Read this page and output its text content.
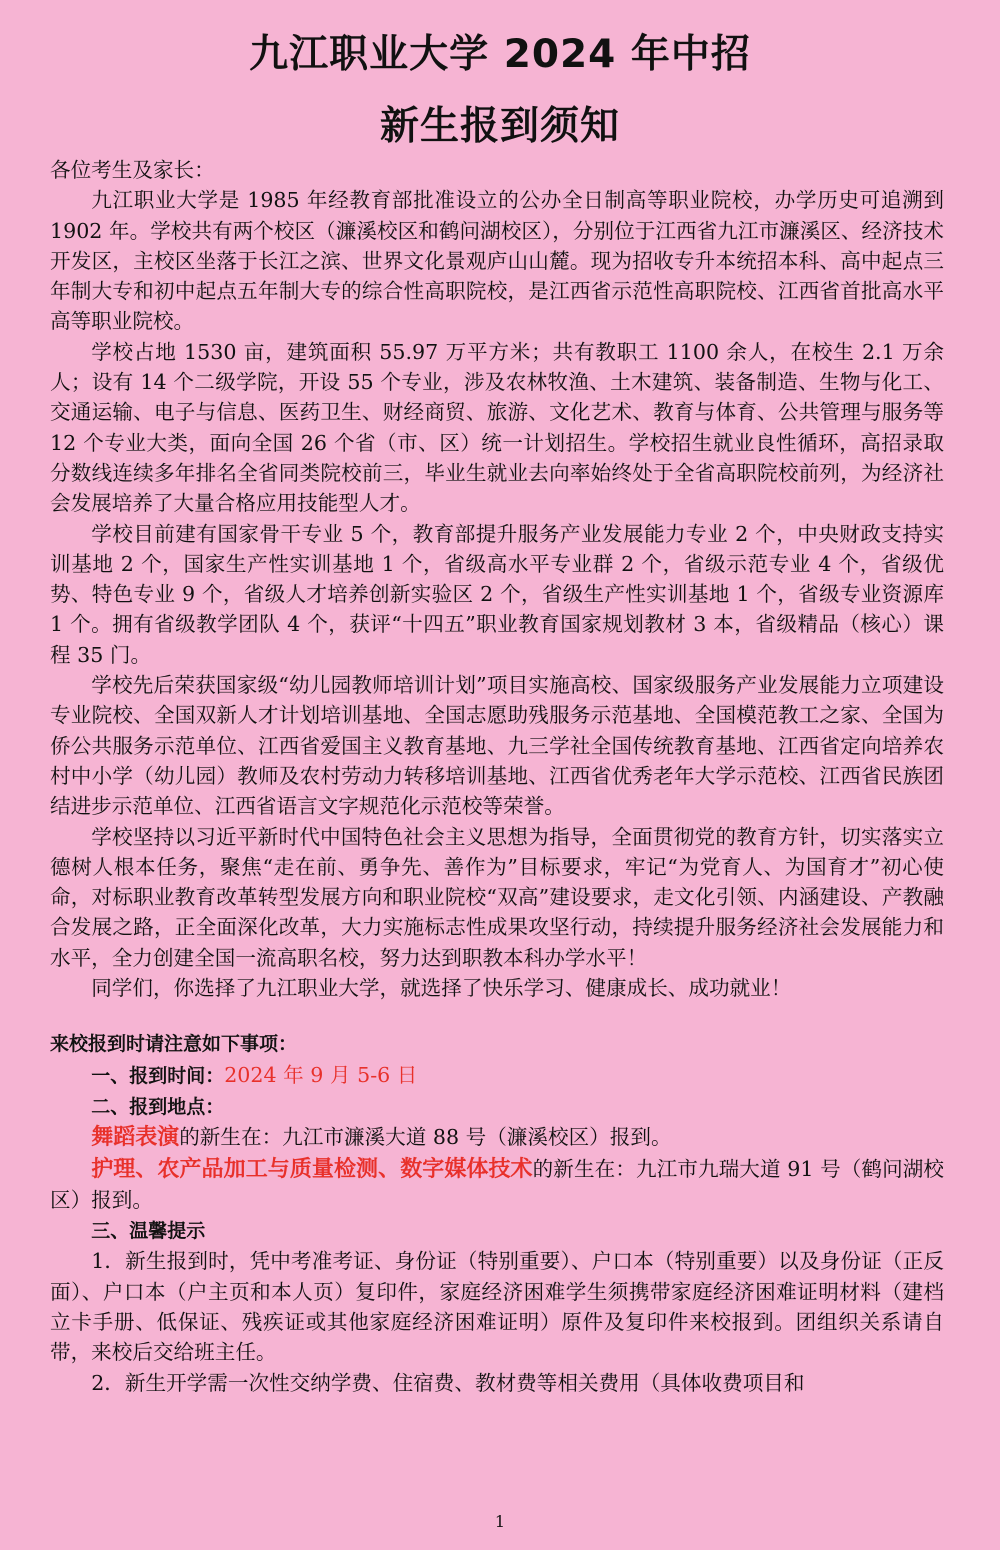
九江职业大学 2024 年中招
新生报到须知

各位考生及家长：

九江职业大学是 1985 年经教育部批准设立的公办全日制高等职业院校，办学历史可追溯到 1902 年。学校共有两个校区（濂溪校区和鹤问湖校区），分别位于江西省九江市濂溪区、经济技术开发区，主校区坐落于长江之滨、世界文化景观庐山山麓。现为招收专升本统招本科、高中起点三年制大专和初中起点五年制大专的综合性高职院校，是江西省示范性高职院校、江西省首批高水平高等职业院校。

学校占地 1530 亩，建筑面积 55.97 万平方米；共有教职工 1100 余人，在校生 2.1 万余人；设有 14 个二级学院，开设 55 个专业，涉及农林牧渔、土木建筑、装备制造、生物与化工、交通运输、电子与信息、医药卫生、财经商贸、旅游、文化艺术、教育与体育、公共管理与服务等 12 个专业大类，面向全国 26 个省（市、区）统一计划招生。学校招生就业良性循环，高招录取分数线连续多年排名全省同类院校前三，毕业生就业去向率始终处于全省高职院校前列，为经济社会发展培养了大量合格应用技能型人才。

学校目前建有国家骨干专业 5 个，教育部提升服务产业发展能力专业 2 个，中央财政支持实训基地 2 个，国家生产性实训基地 1 个，省级高水平专业群 2 个，省级示范专业 4 个，省级优势、特色专业 9 个，省级人才培养创新实验区 2 个，省级生产性实训基地 1 个，省级专业资源库 1 个。拥有省级教学团队 4 个，获评“十四五”职业教育国家规划教材 3 本，省级精品（核心）课程 35 门。

学校先后荣获国家级“幼儿园教师培训计划”项目实施高校、国家级服务产业发展能力立项建设专业院校、全国双新人才计划培训基地、全国志愿助残服务示范基地、全国模范教工之家、全国为侨公共服务示范单位、江西省爱国主义教育基地、九三学社全国传统教育基地、江西省定向培养农村中小学（幼儿园）教师及农村劳动力转移培训基地、江西省优秀老年大学示范校、江西省民族团结进步示范单位、江西省语言文字规范化示范校等荣誉。

学校坚持以习近平新时代中国特色社会主义思想为指导，全面贯彻党的教育方针，切实落实立德树人根本任务，聚焦“走在前、勇争先、善作为”目标要求，牢记“为党育人、为国育才”初心使命，对标职业教育改革转型发展方向和职业院校“双高”建设要求，走文化引领、内涵建设、产教融合发展之路，正全面深化改革，大力实施标志性成果攻坚行动，持续提升服务经济社会发展能力和水平，全力创建全国一流高职名校，努力达到职教本科办学水平！

同学们，你选择了九江职业大学，就选择了快乐学习、健康成长、成功就业！

来校报到时请注意如下事项：

一、报到时间：2024 年 9 月 5-6 日

二、报到地点：

舞蹈表演的新生在：九江市濂溪大道 88 号（濂溪校区）报到。

护理、农产品加工与质量检测、数字媒体技术的新生在：九江市九瑞大道 91 号（鹤问湖校区）报到。

三、温馨提示

1．新生报到时，凭中考准考证、身份证（特别重要）、户口本（特别重要）以及身份证（正反面）、户口本（户主页和本人页）复印件，家庭经济困难学生须携带家庭经济困难证明材料（建档立卡手册、低保证、残疾证或其他家庭经济困难证明）原件及复印件来校报到。团组织关系请自带，来校后交给班主任。

2．新生开学需一次性交纳学费、住宿费、教材费等相关费用（具体收费项目和

1
